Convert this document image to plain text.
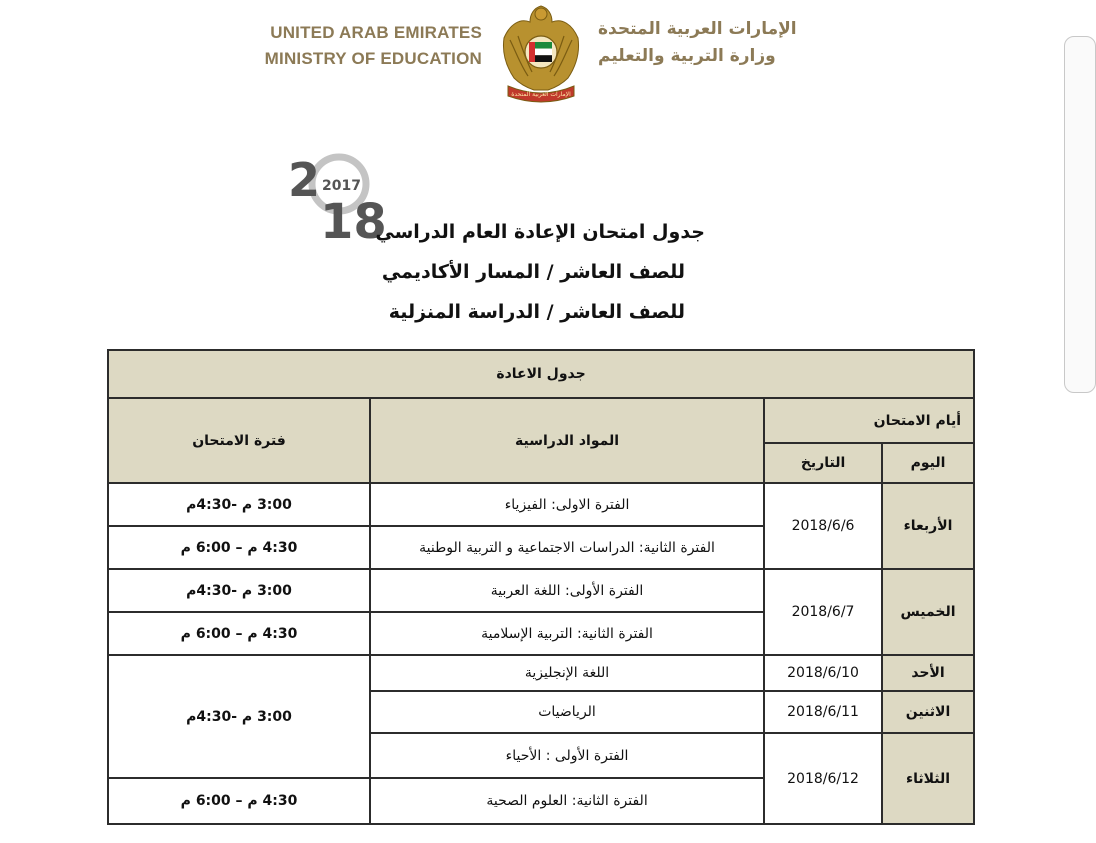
UNITED ARAB EMIRATES
MINISTRY OF EDUCATION
الإمارات العربية المتحدة
الإمارات العربية المتحدة
وزارة التربية والتعليم
2 2017
18
جدول امتحان الإعادة العام الدراسي
للصف العاشر / المسار الأكاديمي
للصف العاشر / الدراسة المنزلية
جدول الاعادة			
أيام الامتحان		المواد الدراسية	فترة الامتحان
اليوم	التاريخ		
الأربعاء	2018/6/6	الفترة الاولى: الفيزياء	3:00 م -4:30م
		الفترة الثانية: الدراسات الاجتماعية و التربية الوطنية	4:30 م – 6:00 م
الخميس	2018/6/7	الفترة الأولى: اللغة العربية	3:00 م -4:30م
		الفترة الثانية: التربية الإسلامية	4:30 م – 6:00 م
الأحد	2018/6/10	اللغة الإنجليزية	3:00 م -4:30م
الاثنين	2018/6/11	الرياضيات	
الثلاثاء	2018/6/12	الفترة الأولى : الأحياء	
		الفترة الثانية: العلوم الصحية	4:30 م – 6:00 م
